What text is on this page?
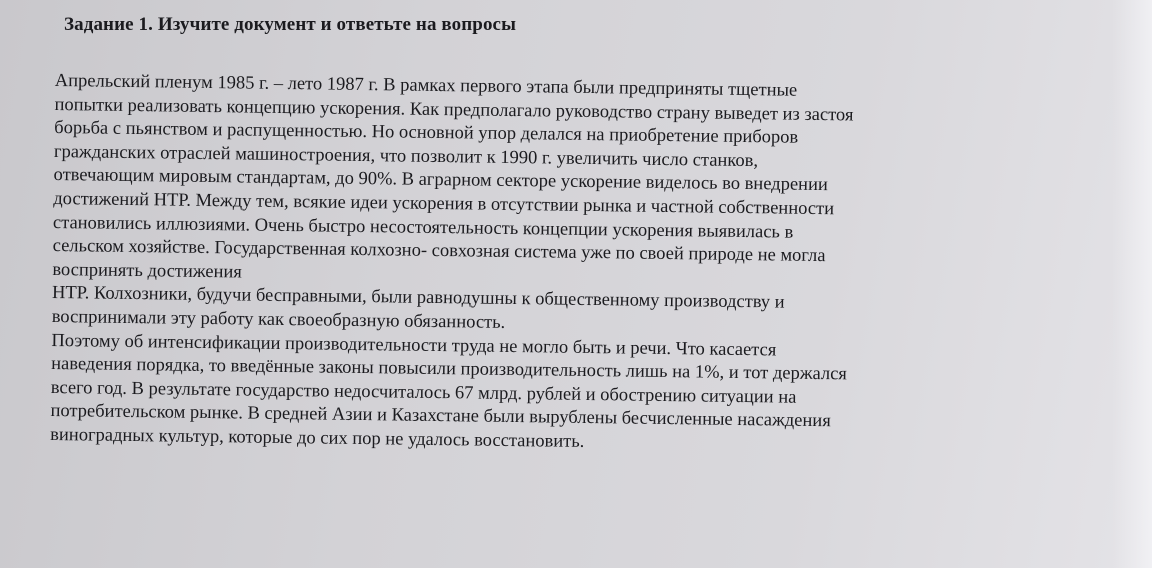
Задание 1. Изучите документ и ответьте на вопросы
Апрельский пленум 1985 г. – лето 1987 г. В рамках первого этапа были предприняты тщетные
попытки реализовать концепцию ускорения. Как предполагало руководство страну выведет из застоя
борьба с пьянством и распущенностью. Но основной упор делался на приобретение приборов
гражданских отраслей машиностроения, что позволит к 1990 г. увеличить число станков,
отвечающим мировым стандартам, до 90%. В аграрном секторе ускорение виделось во внедрении
достижений НТР. Между тем, всякие идеи ускорения в отсутствии рынка и частной собственности
становились иллюзиями. Очень быстро несостоятельность концепции ускорения выявилась в
сельском хозяйстве. Государственная колхозно- совхозная система уже по своей природе не могла
воспринять достижения
НТР. Колхозники, будучи бесправными, были равнодушны к общественному производству и
воспринимали эту работу как своеобразную обязанность.
Поэтому об интенсификации производительности труда не могло быть и речи. Что касается
наведения порядка, то введённые законы повысили производительность лишь на 1%, и тот держался
всего год. В результате государство недосчиталось 67 млрд. рублей и обострению ситуации на
потребительском рынке. В средней Азии и Казахстане были вырублены бесчисленные насаждения
виноградных культур, которые до сих пор не удалось восстановить.
